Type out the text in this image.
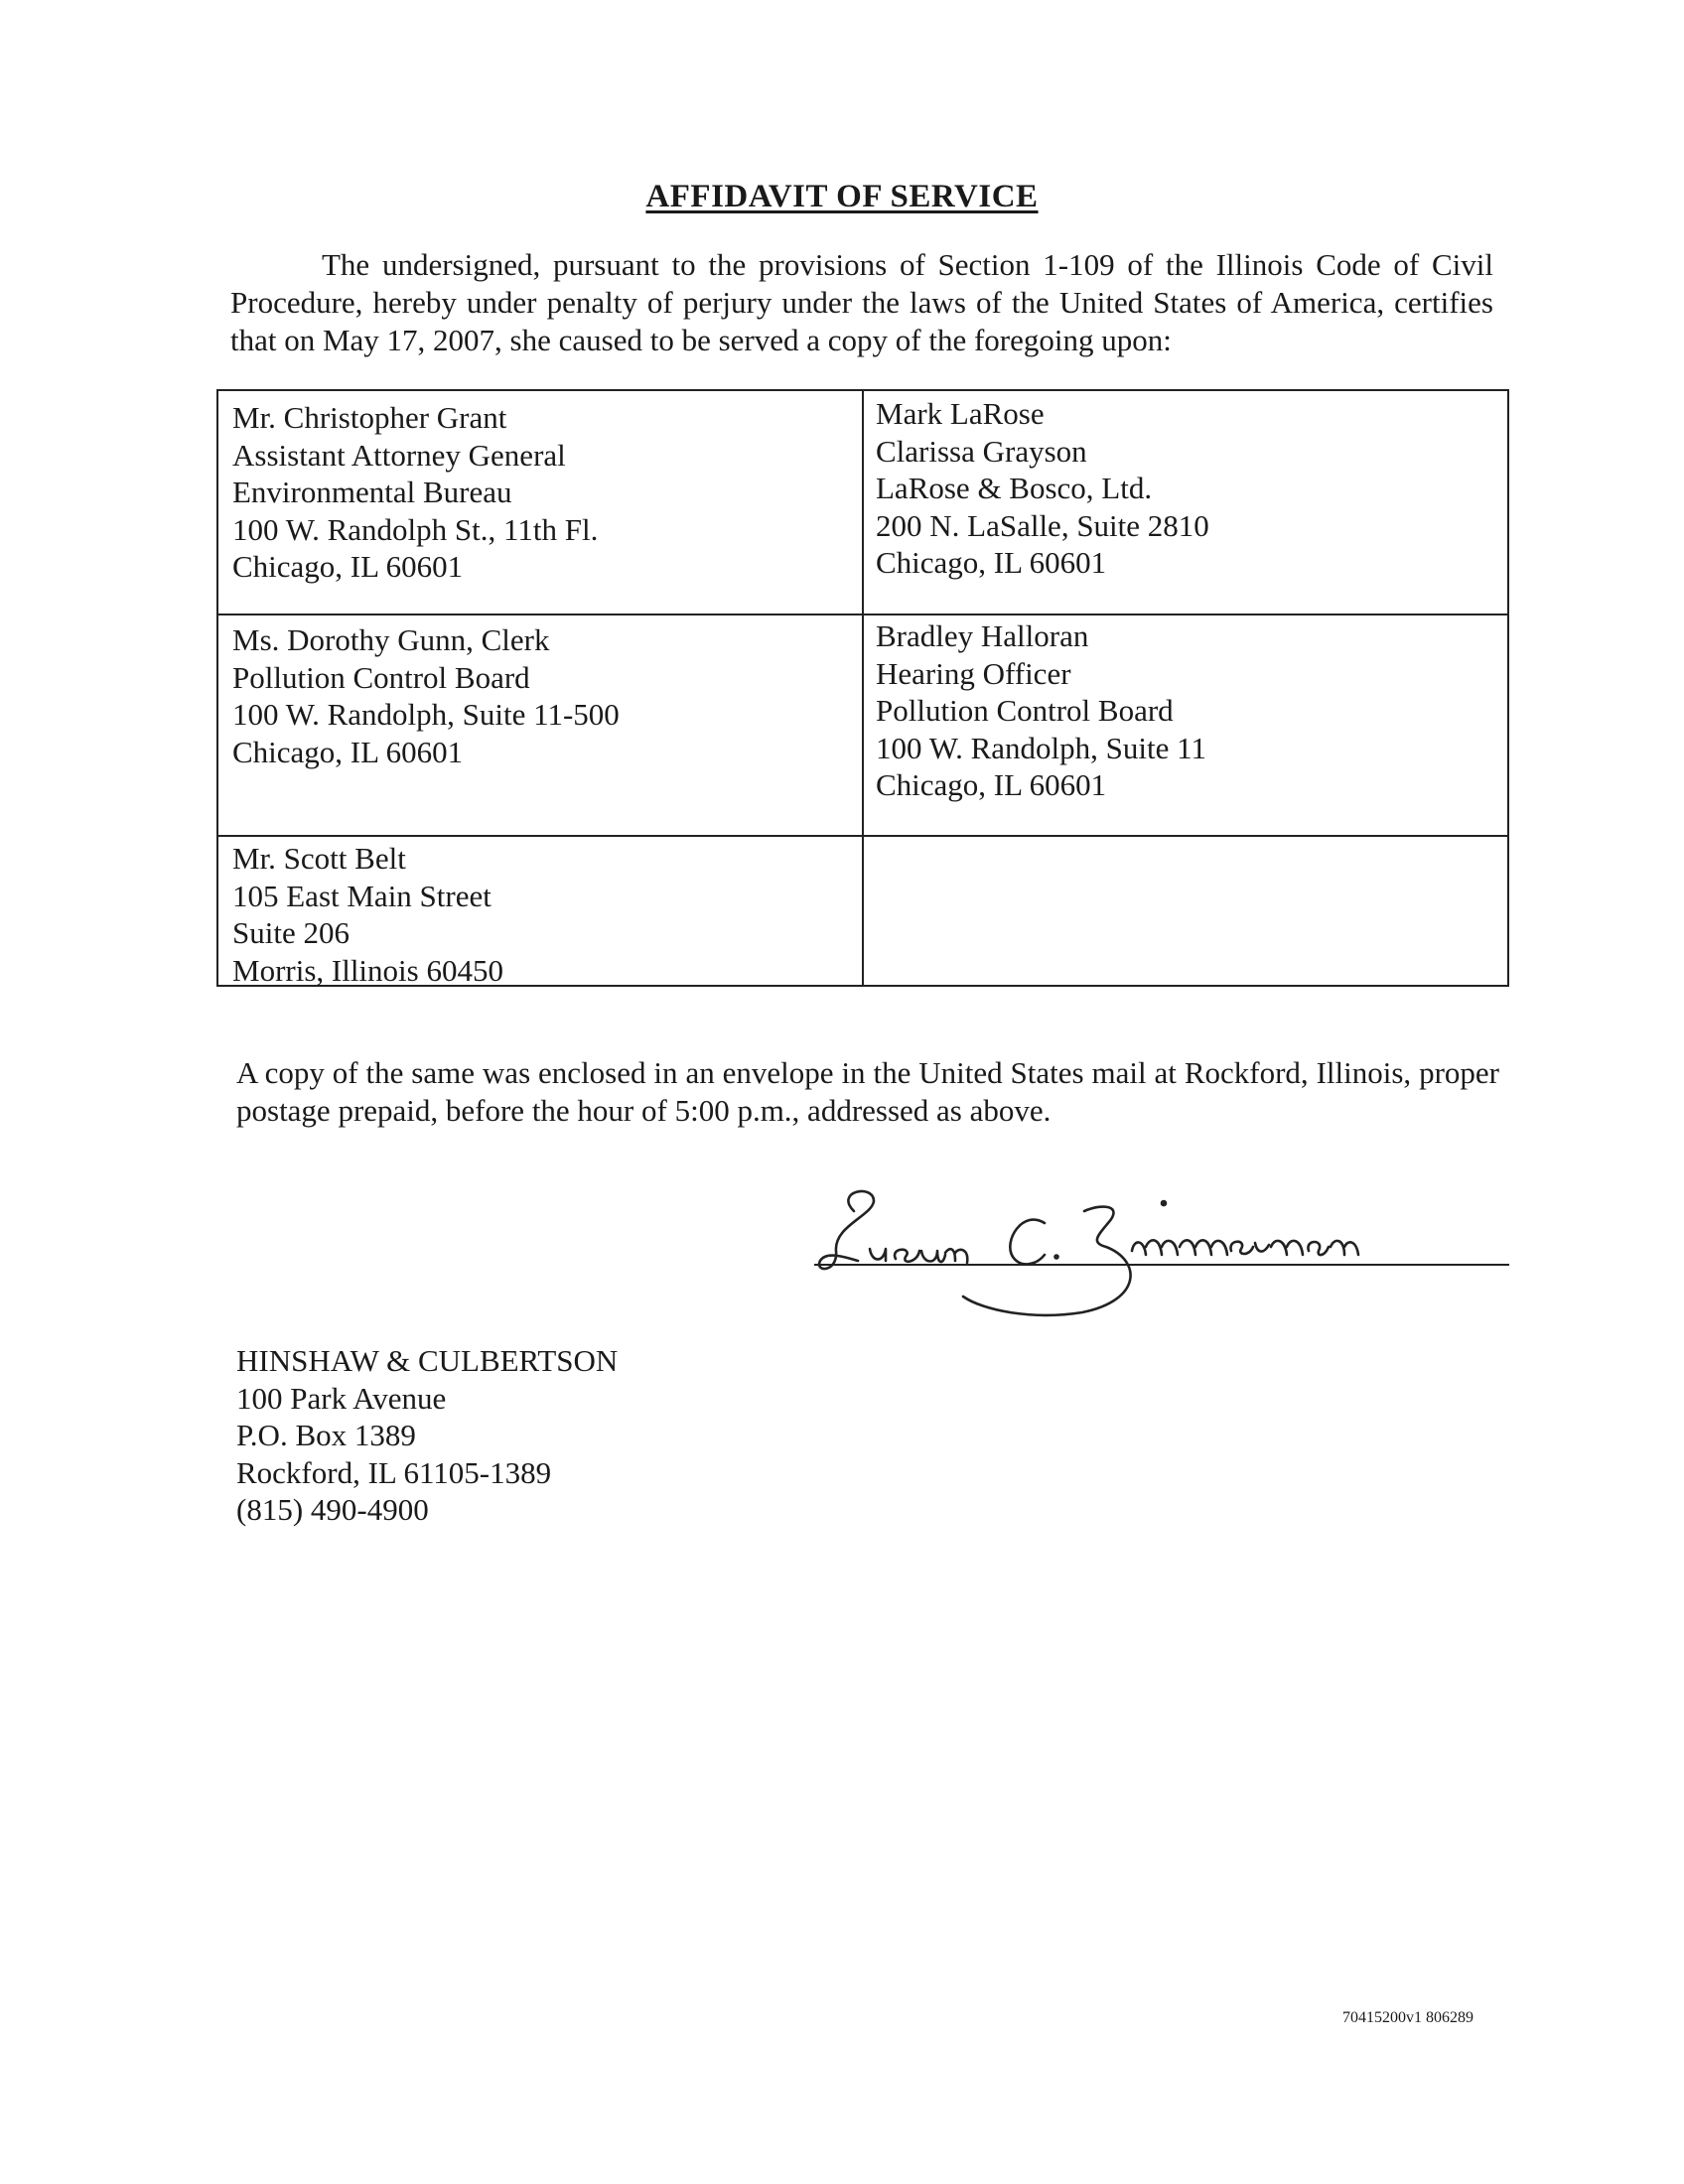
AFFIDAVIT OF SERVICE
The undersigned, pursuant to the provisions of Section 1-109 of the Illinois Code of Civil Procedure, hereby under penalty of perjury under the laws of the United States of America, certifies that on May 17, 2007, she caused to be served a copy of the foregoing upon:
Mr. Christopher Grant
Assistant Attorney General
Environmental Bureau
100 W. Randolph St., 11th Fl.
Chicago, IL 60601
Mark LaRose
Clarissa Grayson
LaRose & Bosco, Ltd.
200 N. LaSalle, Suite 2810
Chicago, IL 60601
Ms. Dorothy Gunn, Clerk
Pollution Control Board
100 W. Randolph, Suite 11-500
Chicago, IL 60601
Bradley Halloran
Hearing Officer
Pollution Control Board
100 W. Randolph, Suite 11
Chicago, IL 60601
Mr. Scott Belt
105 East Main Street
Suite 206
Morris, Illinois 60450
A copy of the same was enclosed in an envelope in the United States mail at Rockford, Illinois, proper postage prepaid, before the hour of 5:00 p.m., addressed as above.
HINSHAW & CULBERTSON
100 Park Avenue
P.O. Box 1389
Rockford, IL 61105-1389
(815) 490-4900
70415200v1 806289
